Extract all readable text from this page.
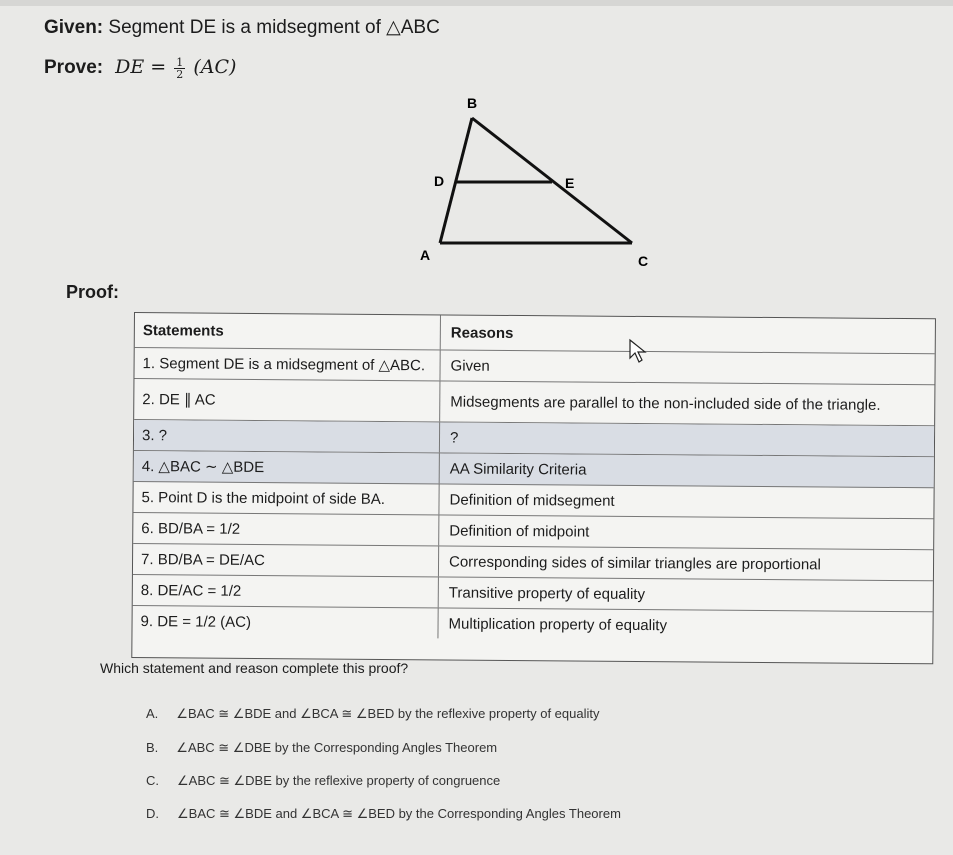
Given: Segment DE is a midsegment of △ABC
Prove: DE = $\frac{1}{2} (AC)$
B
D	E
A	C
Proof:
Statements	Reasons
1. Segment DE is a midsegment of △ABC.	Given
2. DE ∥ AC	Midsegments are parallel to the non-included side of the triangle.
3. ?	?
4. △BAC ∼ △BDE	AA Similarity Criteria
5. Point D is the midpoint of side BA.	Definition of midsegment
6. BD/BA = 1/2	Definition of midpoint
7. BD/BA = DE/AC	Corresponding sides of similar triangles are proportional
8. DE/AC = 1/2	Transitive property of equality
9. DE = 1/2 (AC)	Multiplication property of equality
Which statement and reason complete this proof?
A. ∠BAC ≅ ∠BDE and ∠BCA ≅ ∠BED by the reflexive property of equality
B. ∠ABC ≅ ∠DBE by the Corresponding Angles Theorem
C. ∠ABC ≅ ∠DBE by the reflexive property of congruence
D. ∠BAC ≅ ∠BDE and ∠BCA ≅ ∠BED by the Corresponding Angles Theorem
